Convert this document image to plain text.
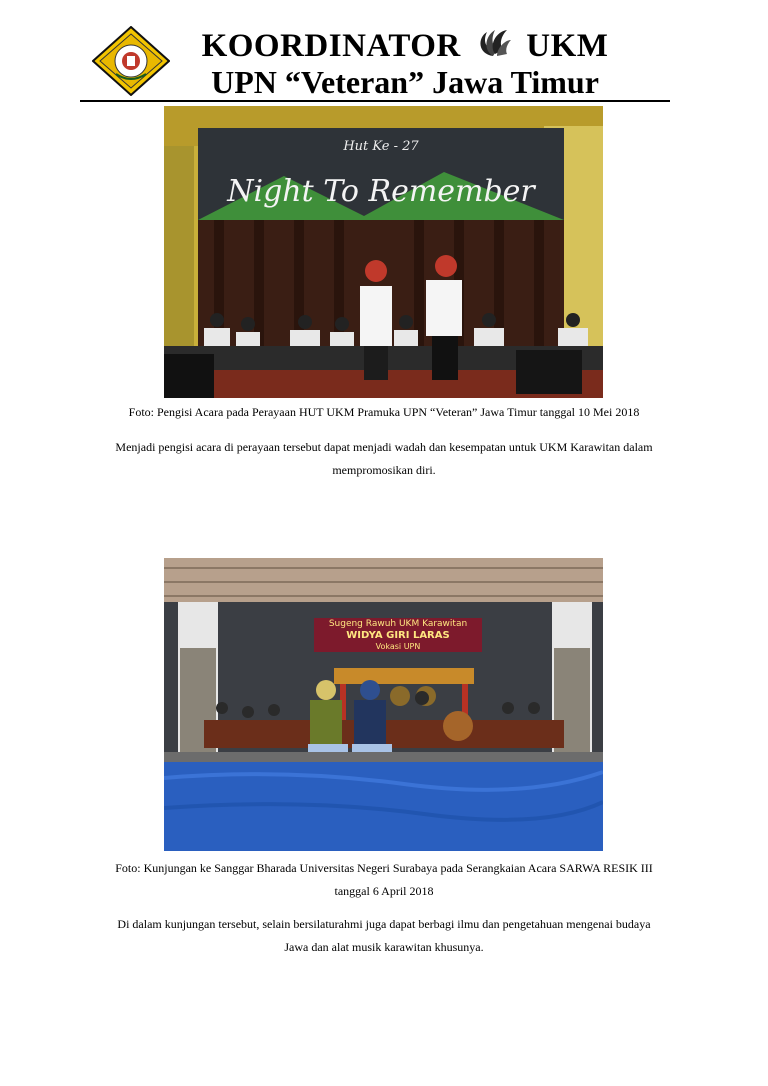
KOORDINATOR UKM
UPN “Veteran” Jawa Timur
Hut Ke - 27
Night To Remember
Foto: Pengisi Acara pada Perayaan HUT UKM Pramuka UPN “Veteran” Jawa Timur tanggal 10 Mei 2018
Menjadi pengisi acara di perayaan tersebut dapat menjadi wadah dan kesempatan untuk UKM Karawitan dalam
mempromosikan diri.
Sugeng Rawuh UKM Karawitan
WIDYA GIRI LARAS
Vokasi UPN
Foto: Kunjungan ke Sanggar Bharada Universitas Negeri Surabaya pada Serangkaian Acara SARWA RESIK III
tanggal 6 April 2018
Di dalam kunjungan tersebut, selain bersilaturahmi juga dapat berbagi ilmu dan pengetahuan mengenai budaya
Jawa dan alat musik karawitan khusunya.
